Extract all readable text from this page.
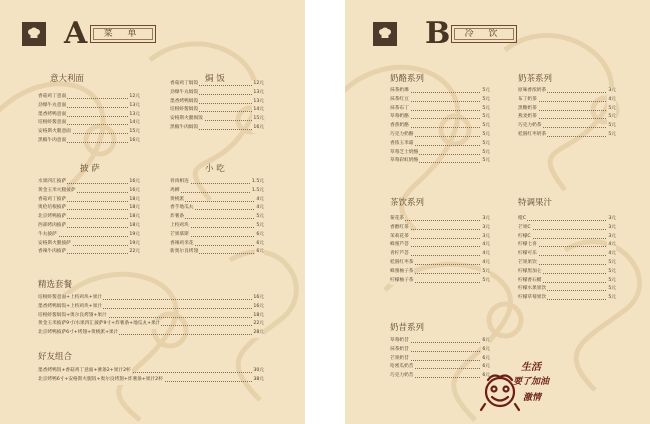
A	菜 单
意大利面
香菇鸡丁意面	12元
劲爆牛丸意面	13元
墨香烤鸭意面	13元
培根虾酱意面	14元
安格斯火腿意面	15元
黑椒牛肉意面	16元
焗 饭
香菇鸡丁焗饭	12元
劲爆牛丸焗饭	13元
墨香烤鸭焗饭	13元
培根虾酱焗饭	14元
安格斯火腿焗饭	15元
黑椒牛肉焗饭	16元
披 萨
水果四汇披萨	16元
黄金玉米火腿披萨	16元
香菇鸡丁披萨	18元
奥伦培根披萨	18元
北京烤鸭披萨	18元
西部烤肉披萨	18元
牛丸披萨	19元
安格斯火腿披萨	19元
香辣牛肉披萨	22元
小 吃
骨肉相连	1.5元
鸡柳	1.5元
黄桃派	4元
香芋地瓜丸	4元
炸薯条	5元
上校鸡块	5元
芒果慕斯	6元
香辣鸡米花	6元
新奥尔良烤翅	6元
精选套餐
培根虾酱意面+上校鸡块+果汁	16元
墨香烤鸭焗饭+上校鸡块+果汁	16元
培根虾酱焗饭+奥尔良烤翅+果汁	18元
黄金玉米披萨9寸/水果四汇披萨9寸+炸薯条+地瓜丸+果汁	22元
北京烤鸭披萨6寸+烤翅+黄桃派+果汁	28元
好友组合
墨香烤鸭饭+香菇鸡丁意面+薯条2+果汁2杯	30元
北京烤鸭6寸+安格斯火腿饭+奥尔良烤翅+炸薯条+果汁2杯	38元
B	冷 饮
奶酪系列
抹茶奶爆	5元
抹茶红豆	5元
抹茶布丁	5元
草莓奶酪	5元
香蕉奶酪	5元
巧克力奶酪	5元
香浓玉米霜	5元
草莓芝士奶酪	5元
草莓彩虹奶酪	5元
奶茶系列
原味香浓奶茶	3元
布丁奶茶	4元
黑糖奶茶	5元
燕麦奶茶	5元
巧克力奶茶	5元
桂圆红枣奶茶	5元
茶饮系列
菊花茶	3元
香醇红茶	3元
茉莉花茶	3元
蜂蜜芦荟	4元
青柠芦荟	4元
桂圆红枣茶	4元
蜂蜜柚子茶	5元
柠檬柚子茶	5元
特调果汁
橙C	3元
芒果C	3元
柠檬C	3元
柠檬七喜	4元
柠檬可乐	4元
芒果果饮	5元
柠檬黑加仑	5元
柠檬香石榴	5元
柠檬水果果饮	5元
柠檬草莓果饮	5元
奶昔系列
草莓奶昔	6元
抹茶奶昔	6元
芒果奶昔	6元
哈密瓜奶昔	6元
巧克力奶昔	6元
生活
要了加油
激情
